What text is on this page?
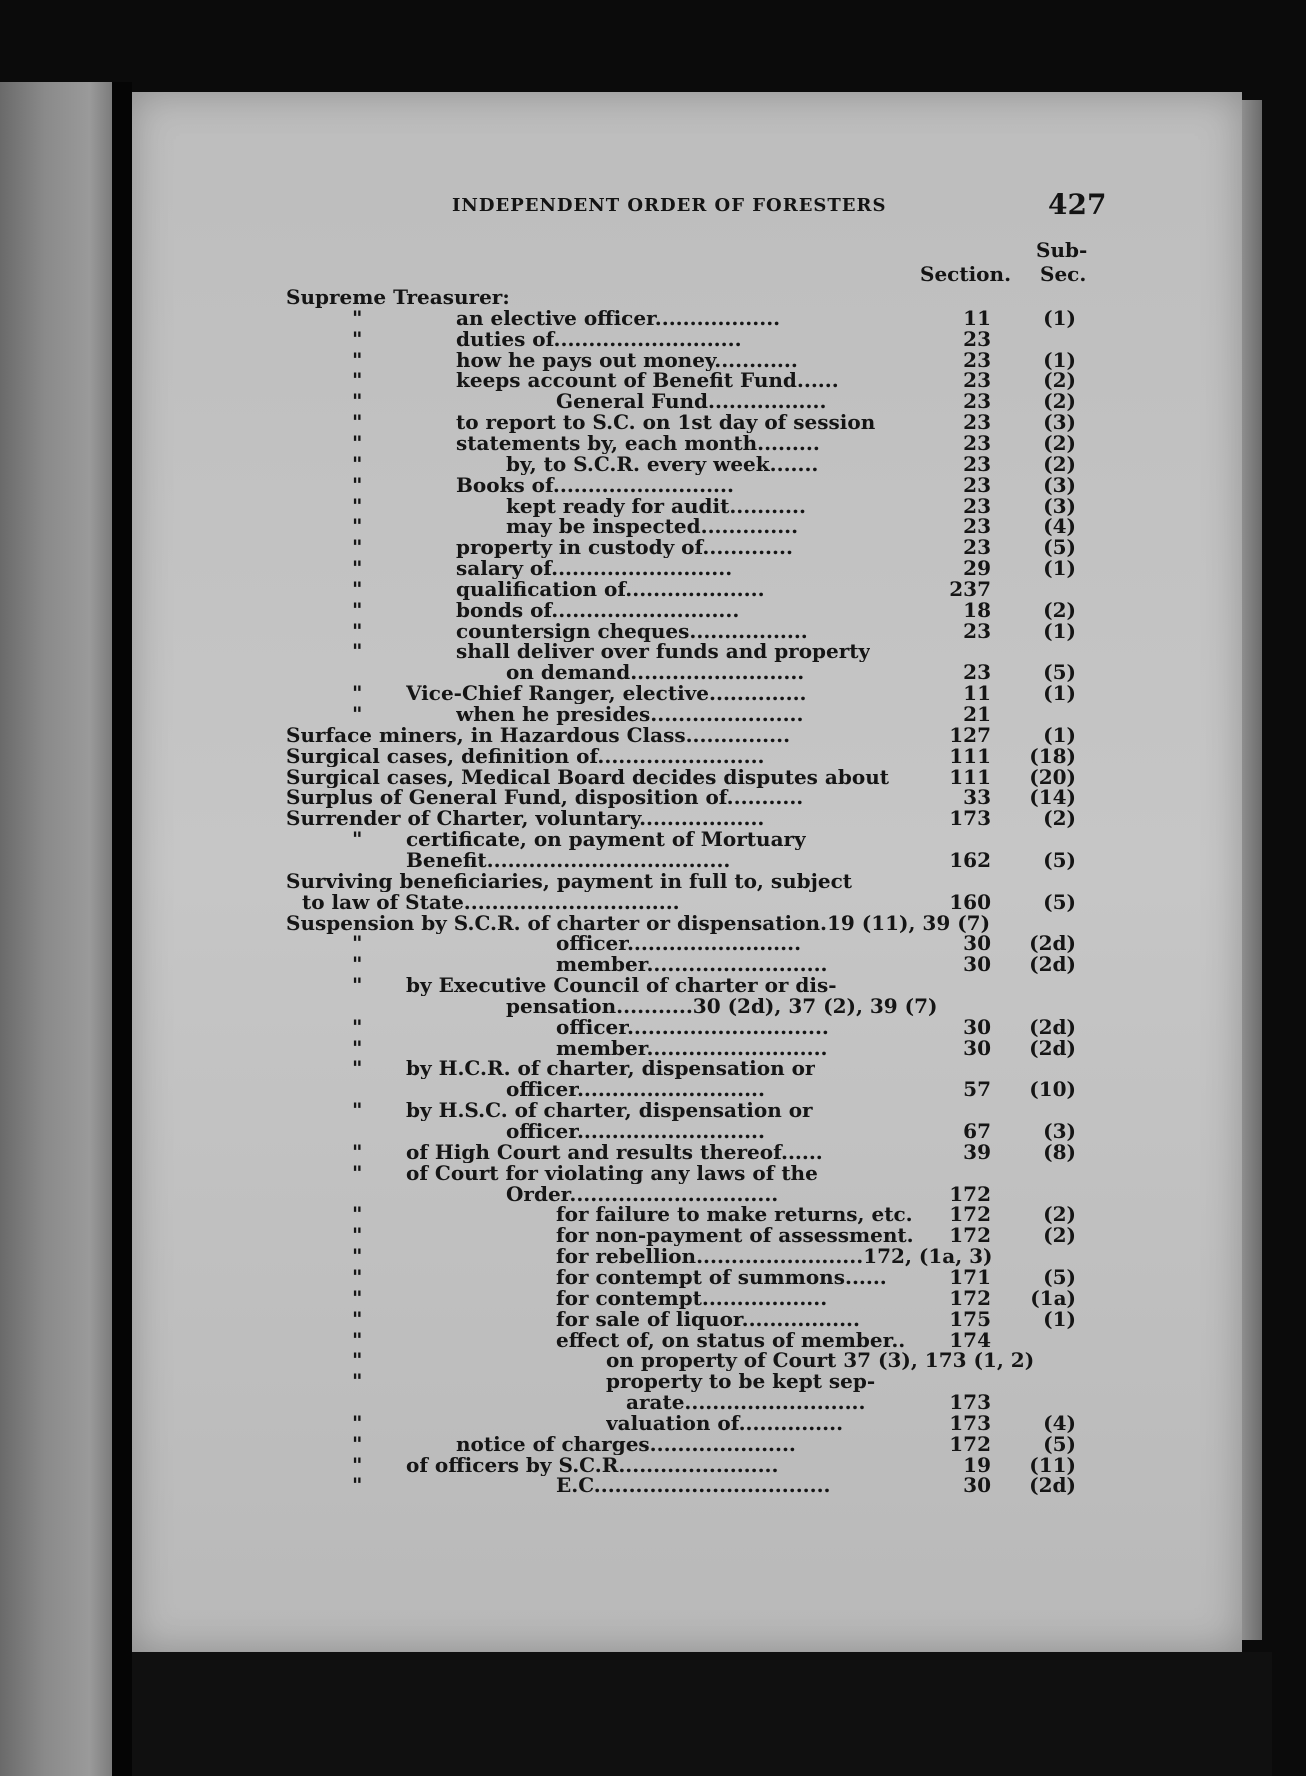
INDEPENDENT ORDER OF FORESTERS	427
Sub-
Section. Sec.
Supreme Treasurer:
"	an elective officer..................	11	(1)
"	duties of...........................	23
"	how he pays out money............	23	(1)
"	keeps account of Benefit Fund......	23	(2)
"	General Fund.................	23	(2)
"	to report to S.C. on 1st day of session	23	(3)
"	statements by, each month.........	23	(2)
"	by, to S.C.R. every week.......	23	(2)
"	Books of..........................	23	(3)
"	kept ready for audit...........	23	(3)
"	may be inspected..............	23	(4)
"	property in custody of.............	23	(5)
"	salary of..........................	29	(1)
"	qualification of....................	237
"	bonds of...........................	18	(2)
"	countersign cheques.................	23	(1)
"	shall deliver over funds and property
on demand.........................	23	(5)
" Vice-Chief Ranger, elective..............	11	(1)
"	when he presides......................	21
Surface miners, in Hazardous Class...............	127	(1)
Surgical cases, definition of........................	111 (18)
Surgical cases, Medical Board decides disputes about	111 (20)
Surplus of General Fund, disposition of...........	33 (14)
Surrender of Charter, voluntary..................	173	(2)
" certificate, on payment of Mortuary
Benefit...................................	162	(5)
Surviving beneficiaries, payment in full to, subject
to law of State...............................	160	(5)
Suspension by S.C.R. of charter or dispensation.19 (11), 39 (7)
"	officer.........................	30 (2d)
"	member..........................	30 (2d)
" by Executive Council of charter or dis-
pensation...........30 (2d), 37 (2), 39 (7)
"	officer.............................	30 (2d)
"	member..........................	30 (2d)
" by H.C.R. of charter, dispensation or
officer...........................	57 (10)
" by H.S.C. of charter, dispensation or
officer...........................	67	(3)
" of High Court and results thereof......	39	(8)
" of Court for violating any laws of the
Order..............................	172
"	for failure to make returns, etc. 172	(2)
"	for non-payment of assessment. 172	(2)
"	for rebellion........................172, (1a, 3)
"	for contempt of summons......	171	(5)
"	for contempt..................	172 (1a)
"	for sale of liquor.................	175	(1)
"	effect of, on status of member.. 174
"	on property of Court 37 (3), 173 (1, 2)
"	property to be kept sep-
arate..........................	173
"	valuation of...............	173	(4)
"	notice of charges.....................	172	(5)
" of officers by S.C.R.......................	19 (11)
"	E.C..................................	30 (2d)
